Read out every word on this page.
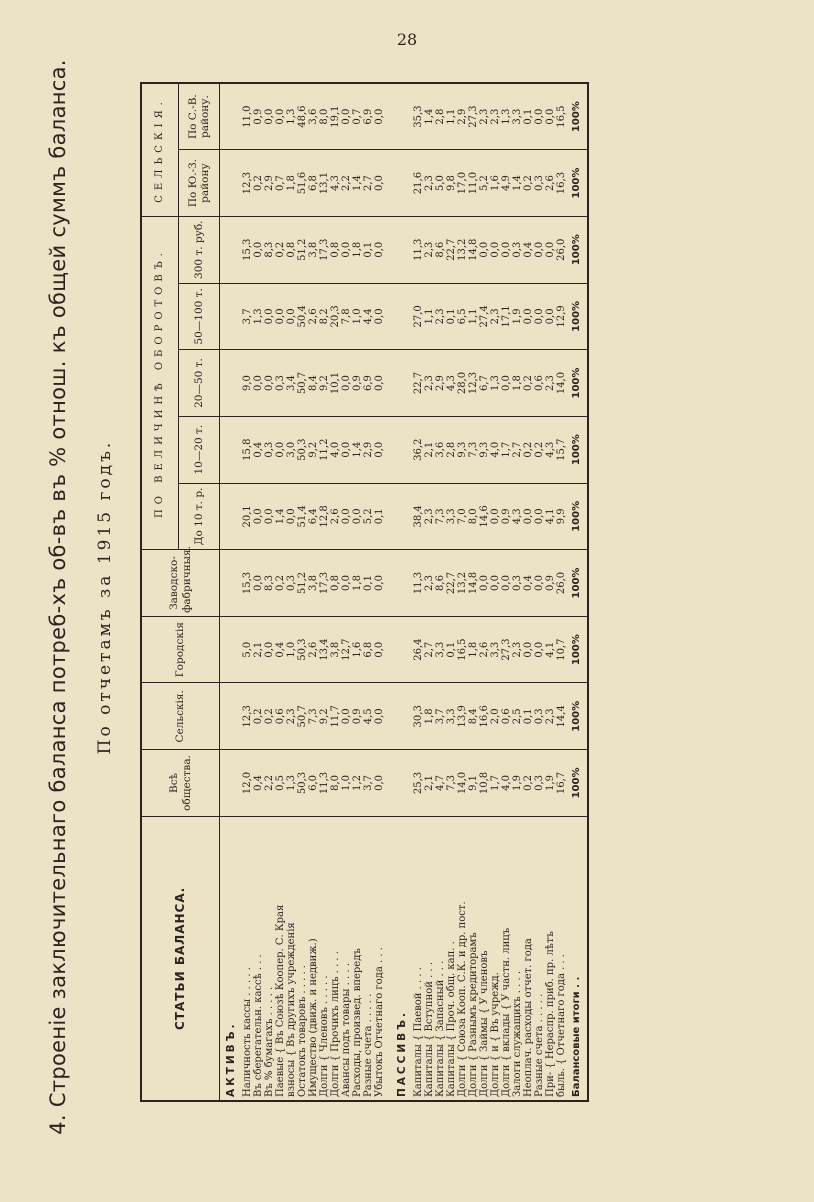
28
4. Строеніе заключительнаго баланса потреб-хъ об-въ въ % отнош. къ общей суммъ баланса. По отчетамъ за 1915 годъ.
СТАТЬИ БАЛАНСА.	Всѣ общества.	Сельскія.	Городскія	Заводско-фабричныя.	ПО ВЕЛИЧИНѢ ОБОРОТОВЪ.					СЕЛЬСКІЯ.	
					До 10 т. р.	10—20 т.	20—50 т.	50—100 т.	300 т. руб.	По Ю.-З. району	По С.-В. району.
АКТИВЪ.											
Наличность кассы . . . . .	12,0	12,3	5,0	15,3	20,1	15,8	9,0	3,7	15,3	12,3	11,0
Въ сберегательн. кассѣ . . .	0,4	0,2	2,1	0,0	0,0	0,4	0,0	1,3	0,0	0,2	0,9
Въ % бумагахъ . . . . .	2,2	0,2	0,0	8,3	0,0	0,3	0,0	0,0	8,3	2,9	0,0
Паевые { Въ Союзѣ Коопер. С. Края	0,5	0,6	0,4	0,2	1,4	0,0	0,3	0,0	0,2	0,7	0,0
взносы { Въ другихъ учрежденія	1,3	2,3	1,0	0,3	0,0	3,0	3,4	0,0	0,8	1,8	1,3
Остатокъ товаровъ . . . . .	50,3	50,7	50,3	51,2	51,4	50,3	50,7	50,4	51,2	51,6	48,6
Имущество (движ. и недвиж.)	6,0	7,3	2,6	3,8	6,4	9,2	8,4	2,6	3,8	6,8	3,6
Долги { Членовъ . . . . .	11,3	9,2	13,4	17,3	12,8	11,2	9,2	8,2	17,3	13,1	8,0
Долги { Прочихъ лицъ . . . .	8,0	11,7	3,8	0,8	2,6	4,0	10,1	20,3	0,8	4,3	19,1
Авансы подъ товары . . . .	1,0	0,0	12,7	0,0	0,0	0,0	0,0	7,8	0,0	2,2	0,0
Расходы, произвед. впередъ	1,2	0,9	1,6	1,8	0,0	1,4	0,9	1,0	1,8	1,4	0,7
Разные счета . . . . .	3,7	4,5	6,8	0,1	5,2	2,9	6,9	4,4	0,1	2,7	6,9
Убытокъ Отчетнаго года . . .	0,0	0,0	0,0	0,0	0,1	0,0	0,0	0,0	0,0	0,0	0,0

ПАССИВЪ.											
Капиталы { Паевой . . . .	25,3	30,3	26,4	11,3	38,4	36,2	22,7	27,0	11,3	21,6	35,3
Капиталы { Вступной . . .	2,1	1,8	2,7	2,3	2,3	2,1	2,3	1,1	2,3	2,3	1,4
Капиталы { Запасный . . .	4,7	3,7	3,3	8,6	7,3	3,6	2,9	2,3	8,6	5,0	2,8
Капиталы { Проч. общ. кап. .	7,3	3,3	0,1	22,7	3,3	2,8	4,3	0,1	22,7	9,8	1,1
Долги { Союза Кооп. С.К. и др. пост.	14,0	13,9	16,5	13,2	7,0	9,3	28,0	6,5	13,2	17,0	2,9
Долги { Разнымъ кредиторамъ	9,1	8,4	1,8	14,8	8,0	7,3	12,3	1,1	14,8	11,0	27,3
Долги { Займы { У членовъ	10,8	16,6	2,6	0,0	14,6	9,3	6,7	27,4	0,0	5,2	2,3
Долги { и { Въ учрежд.	1,7	2,0	3,3	0,0	0,0	4,0	1,3	2,3	0,0	1,6	2,3
Долги { вклады { У частн. лицъ	4,0	0,6	27,3	0,0	0,9	1,7	0,0	17,1	0,0	4,9	1,3
Залоги служащихъ . . . .	1,9	2,5	2,3	0,3	4,3	2,7	1,8	1,9	0,3	1,4	3,3
Неоплач. расходы отчет. года	0,2	0,1	0,0	0,4	0,0	0,2	0,2	0,0	0,4	0,2	0,1
Разные счета . . . . .	0,3	0,3	0,0	0,0	0,0	0,2	0,6	0,0	0,0	0,3	0,0
При- { Нераспр. приб. пр. лѣтъ	1,9	2,3	4,1	0,9	4,1	4,3	2,3	0,0	0,0	2,6	0,0
быль. { Отчетнаго года . . .	16,7	14,4	10,7	26,0	9,9	15,7	14,0	12,9	26,0	16,3	16,5
Балансовые итоги . .	100%	100%	100%	100%	100%	100%	100%	100%	100%	100%	100%
